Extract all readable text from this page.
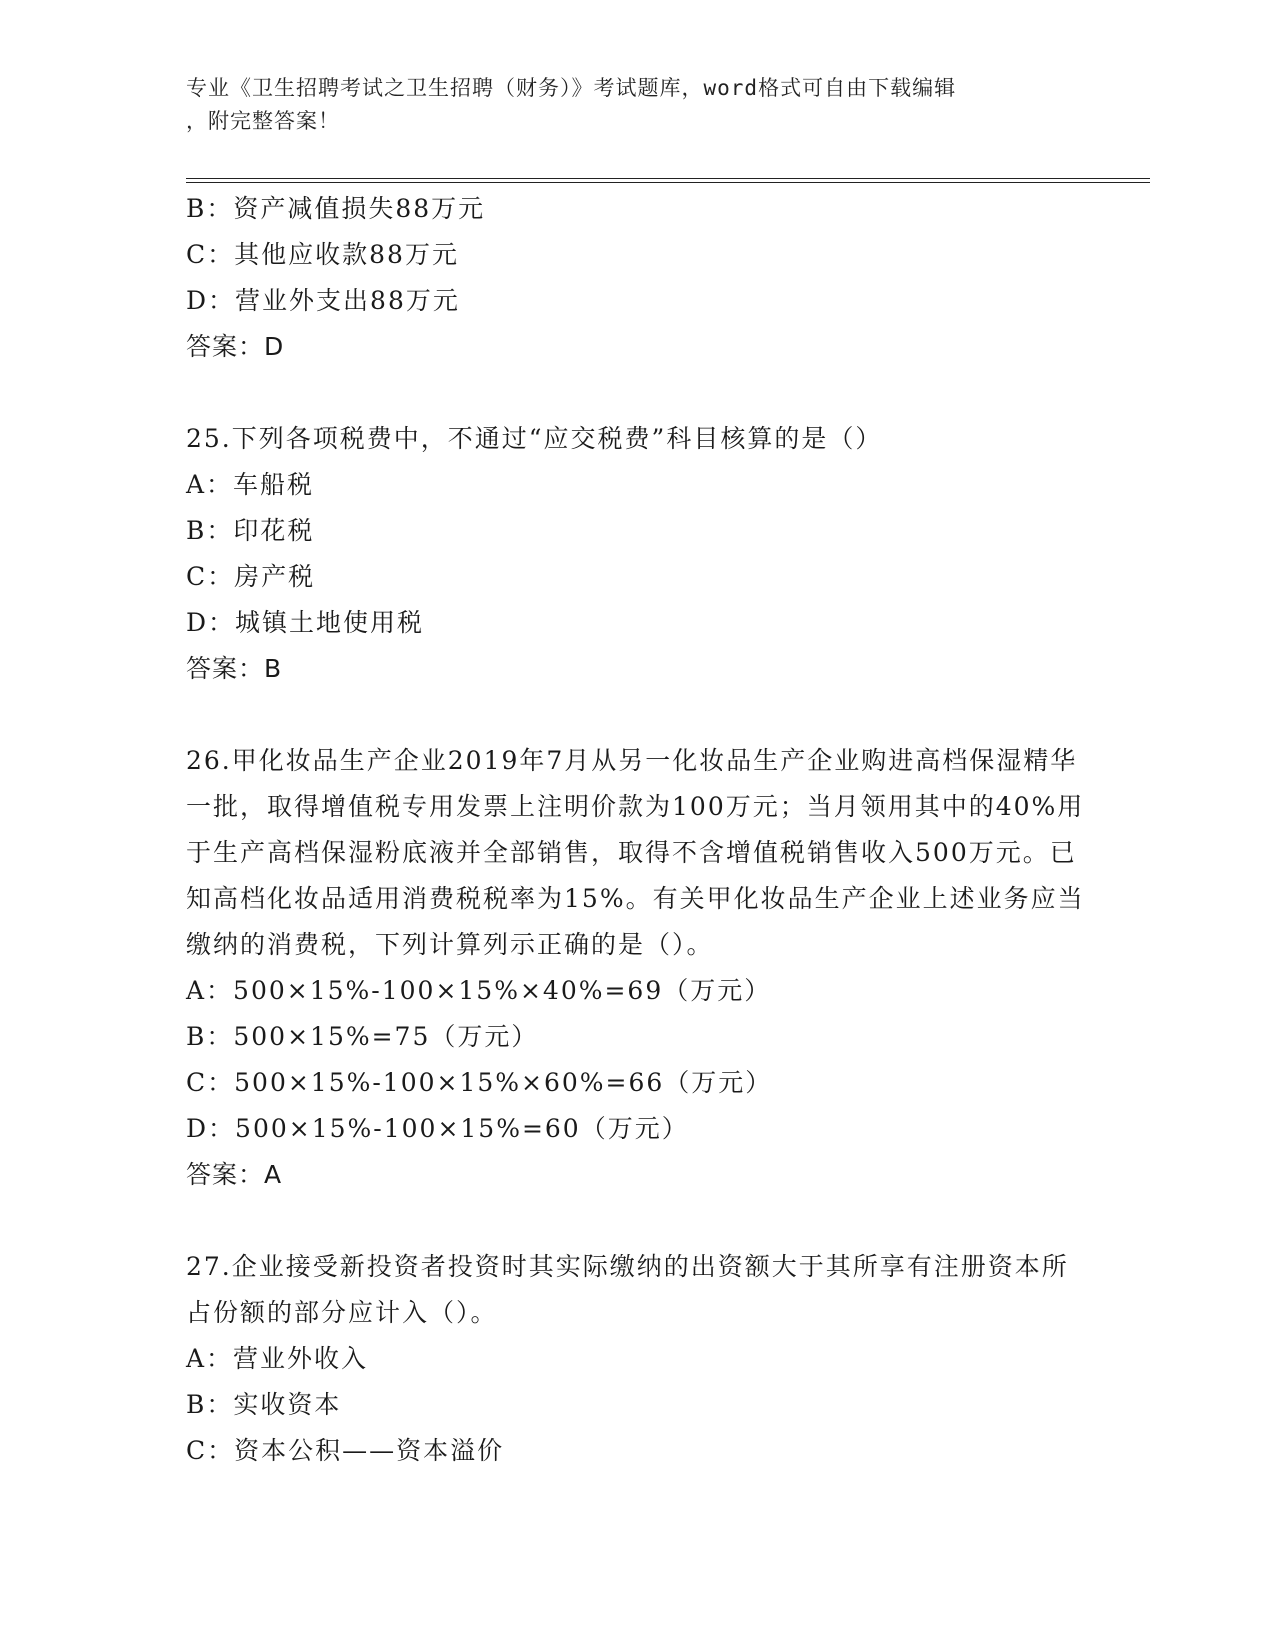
专业《卫生招聘考试之卫生招聘（财务）》考试题库，word格式可自由下载编辑
，附完整答案！
B：资产减值损失88万元
C：其他应收款88万元
D：营业外支出88万元
答案：D
25.下列各项税费中，不通过“应交税费”科目核算的是（）
A：车船税
B：印花税
C：房产税
D：城镇土地使用税
答案：B
26.甲化妆品生产企业2019年7月从另一化妆品生产企业购进高档保湿精华一批，取得增值税专用发票上注明价款为100万元；当月领用其中的40%用于生产高档保湿粉底液并全部销售，取得不含增值税销售收入500万元。已知高档化妆品适用消费税税率为15%。有关甲化妆品生产企业上述业务应当缴纳的消费税，下列计算列示正确的是（）。
A：500×15%-100×15%×40%=69（万元）
B：500×15%=75（万元）
C：500×15%-100×15%×60%=66（万元）
D：500×15%-100×15%=60（万元）
答案：A
27.企业接受新投资者投资时其实际缴纳的出资额大于其所享有注册资本所占份额的部分应计入（）。
A：营业外收入
B：实收资本
C：资本公积——资本溢价
